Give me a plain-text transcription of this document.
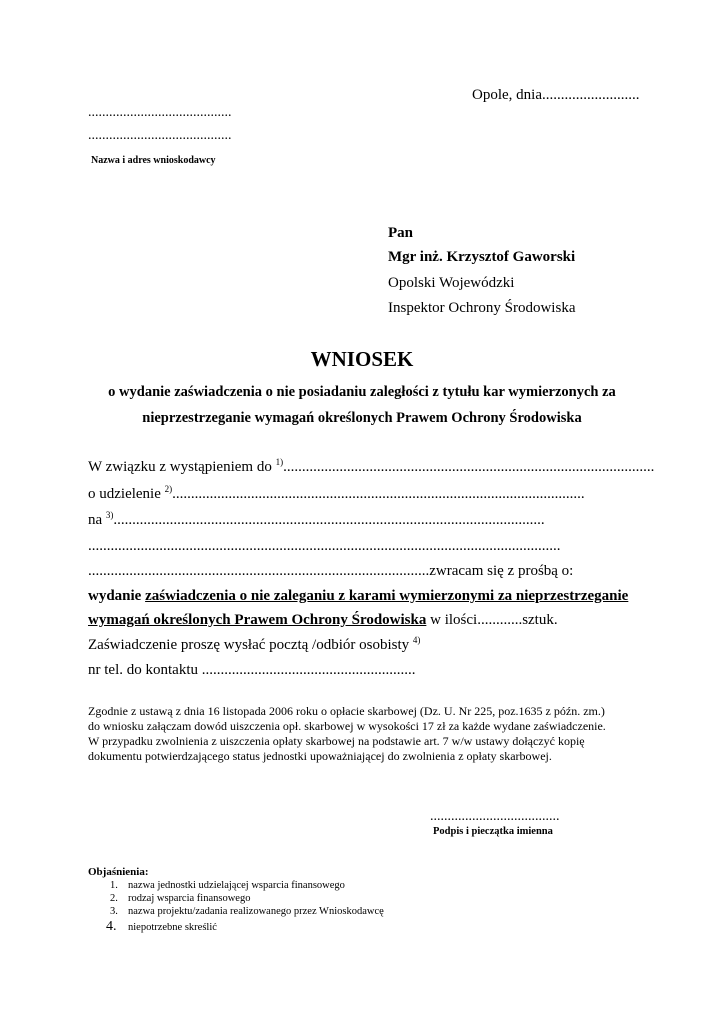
Opole, dnia..........................
.........................................
.........................................
Nazwa i adres wnioskodawcy
Pan
Mgr inż. Krzysztof Gaworski
Opolski Wojewódzki
Inspektor Ochrony Środowiska
WNIOSEK
o wydanie zaświadczenia o nie posiadaniu zaległości z tytułu kar wymierzonych za
nieprzestrzeganie wymagań określonych Prawem Ochrony Środowiska
W związku z wystąpieniem do $^{1)}$...................................................................................................
o udzielenie $^{2)}$..............................................................................................................
na $^{3)}$...................................................................................................................
..............................................................................................................................
...........................................................................................zwracam się z prośbą o:
wydanie zaświadczenia o nie zaleganiu z karami wymierzonymi za nieprzestrzeganie
wymagań określonych Prawem Ochrony Środowiska w ilości............sztuk.
Zaświadczenie proszę wysłać pocztą /odbiór osobisty $^{4)}$
nr tel. do kontaktu .........................................................
Zgodnie z ustawą z dnia 16 listopada 2006 roku o opłacie skarbowej (Dz. U. Nr 225, poz.1635 z późn. zm.)
do wniosku załączam dowód uiszczenia opł. skarbowej w wysokości 17 zł za każde wydane zaświadczenie.
W przypadku zwolnienia z uiszczenia opłaty skarbowej na podstawie art. 7 w/w ustawy dołączyć kopię
dokumentu potwierdzającego status jednostki upoważniającej do zwolnienia z opłaty skarbowej.
.....................................
Podpis i pieczątka imienna
Objaśnienia:
1. nazwa jednostki udzielającej wsparcia finansowego
2. rodzaj wsparcia finansowego
3. nazwa projektu/zadania realizowanego przez Wnioskodawcę
4. niepotrzebne skreślić
